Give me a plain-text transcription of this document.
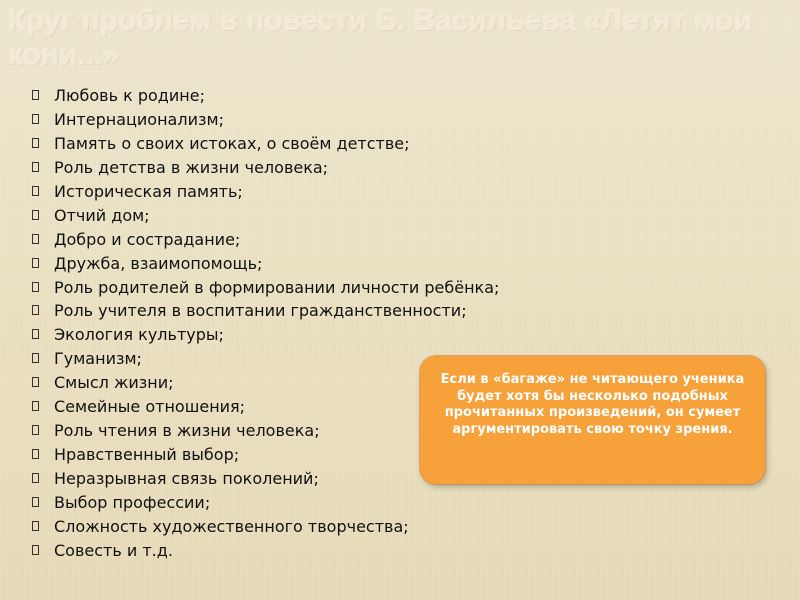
Круг проблем в повести Б. Васильева «Летят мои кони...»
Любовь к родине;
Интернационализм;
Память о своих истоках, о своём детстве;
Роль детства в жизни человека;
Историческая память;
Отчий дом;
Добро и сострадание;
Дружба, взаимопомощь;
Роль родителей в формировании личности ребёнка;
Роль учителя в воспитании гражданственности;
Экология культуры;
Гуманизм;
Смысл жизни;
Семейные отношения;
Роль чтения в жизни человека;
Нравственный выбор;
Неразрывная связь поколений;
Выбор профессии;
Сложность художественного творчества;
Совесть и т.д.
Если в «багаже» не читающего ученика будет хотя бы несколько подобных прочитанных произведений, он сумеет аргументировать свою точку зрения.
